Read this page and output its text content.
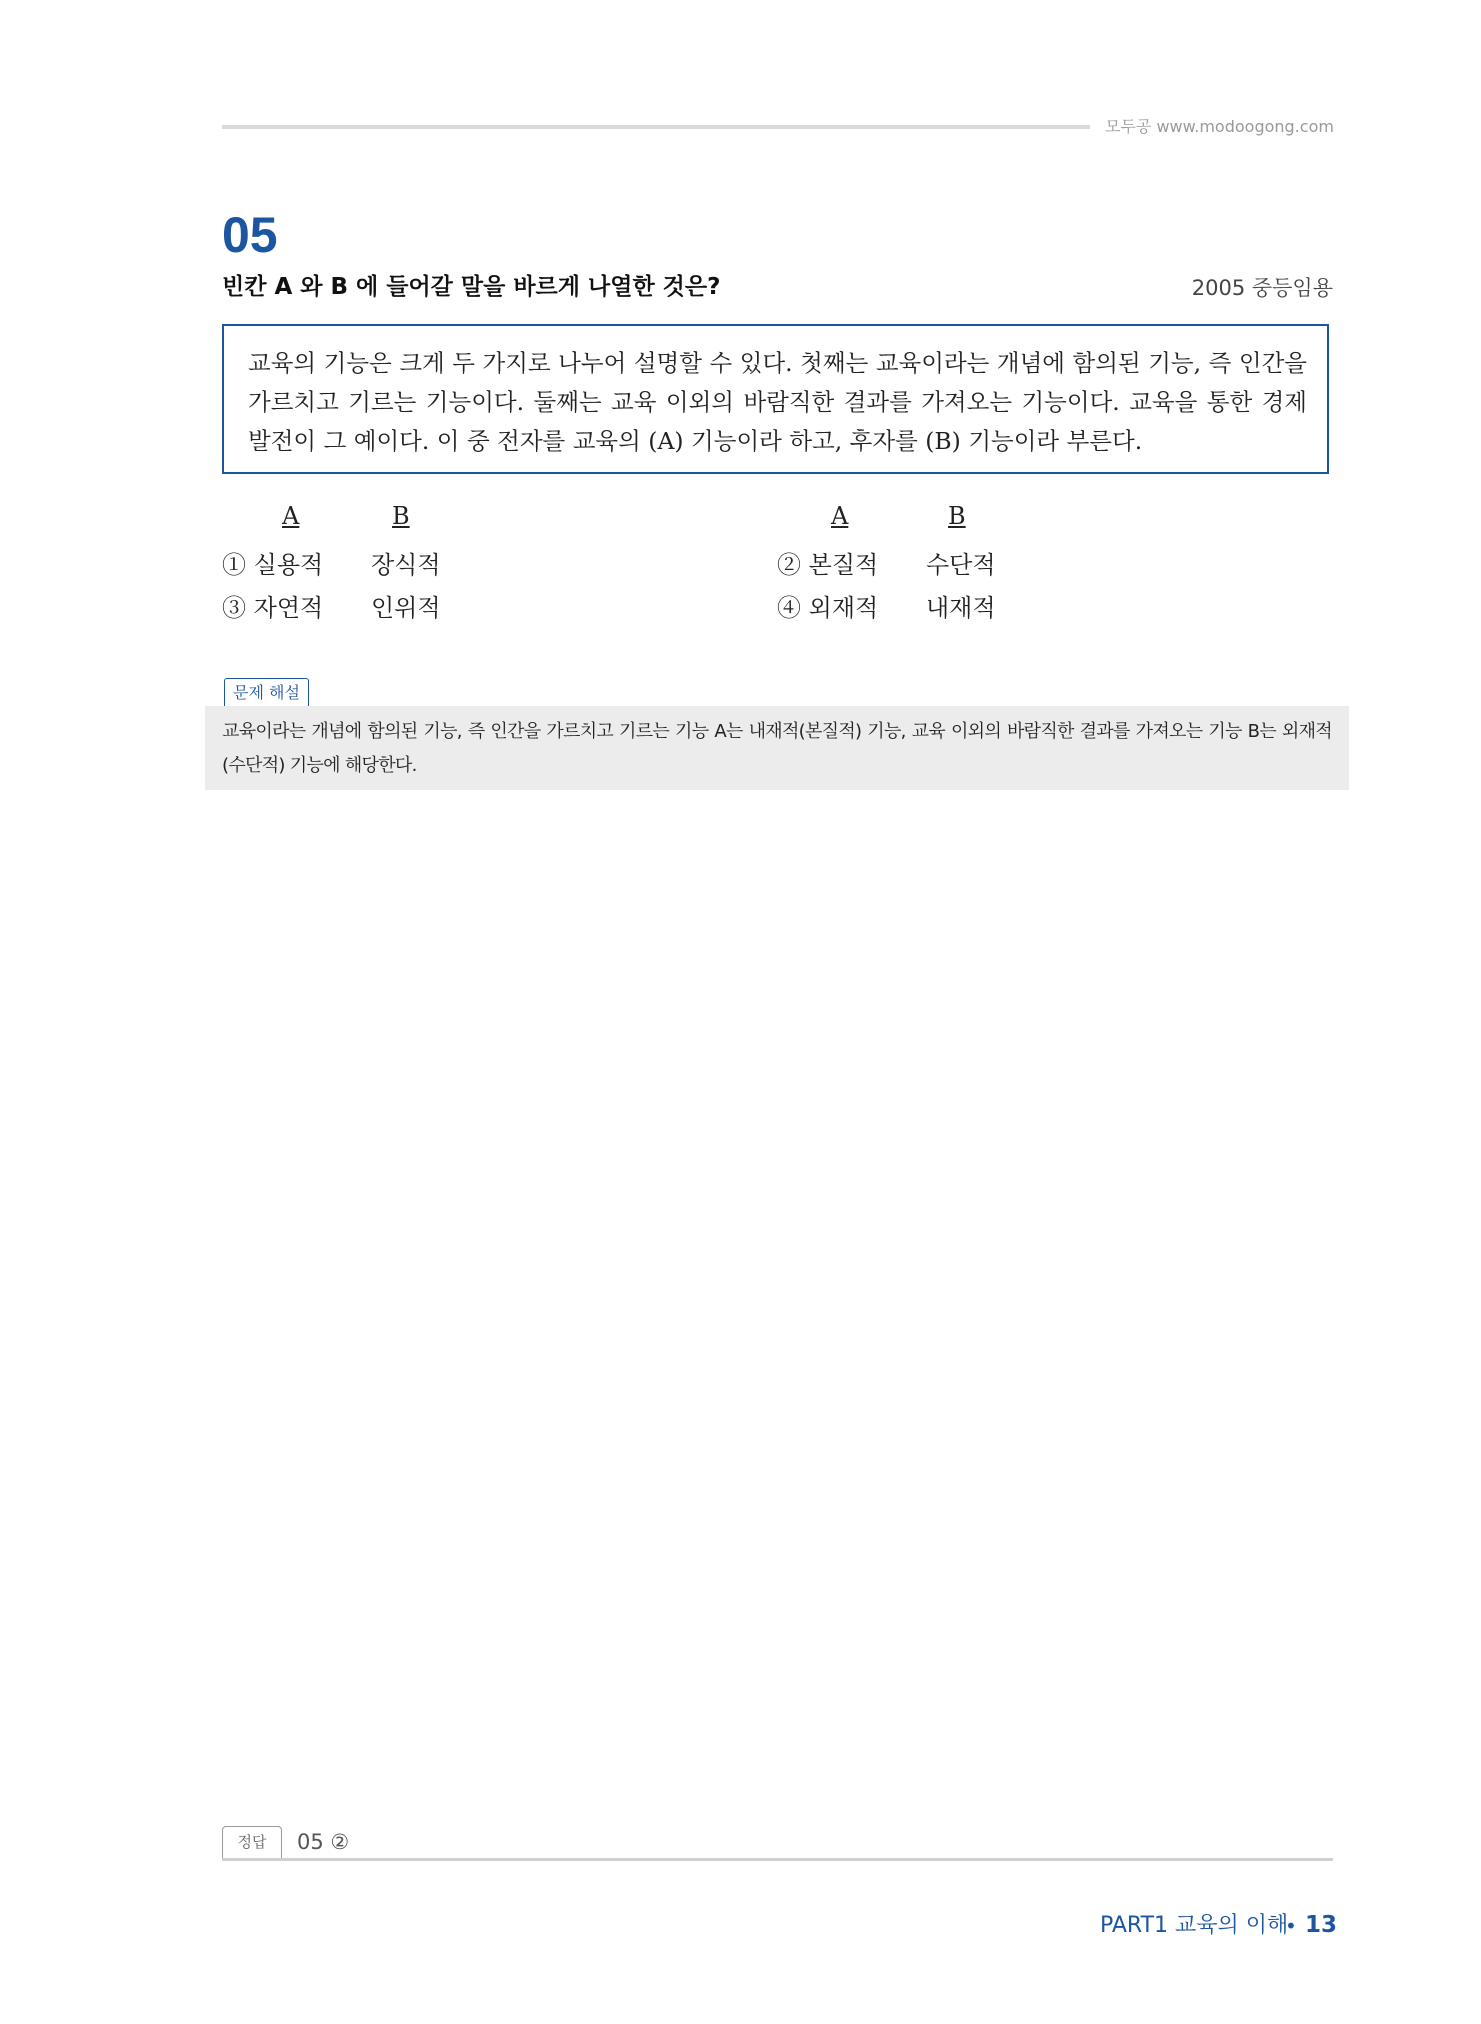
모두공 www.modoogong.com
05
빈칸 A 와 B 에 들어갈 말을 바르게 나열한 것은?	2005 중등임용
교육의 기능은 크게 두 가지로 나누어 설명할 수 있다. 첫째는 교육이라는 개념에 함의된 기능, 즉 인간을 가르치고 기르는 기능이다. 둘째는 교육 이외의 바람직한 결과를 가져오는 기능이다. 교육을 통한 경제 발전이 그 예이다. 이 중 전자를 교육의 (A) 기능이라 하고, 후자를 (B) 기능이라 부른다.
A	B	A	B
① 실용적 장식적	② 본질적 수단적
③ 자연적 인위적	④ 외재적 내재적
문제 해설
교육이라는 개념에 함의된 기능, 즉 인간을 가르치고 기르는 기능 A는 내재적(본질적) 기능, 교육 이외의 바람직한 결과를 가져오는 기능 B는 외재적(수단적) 기능에 해당한다.
정답	05 ②
PART1 교육의 이해
• 13
